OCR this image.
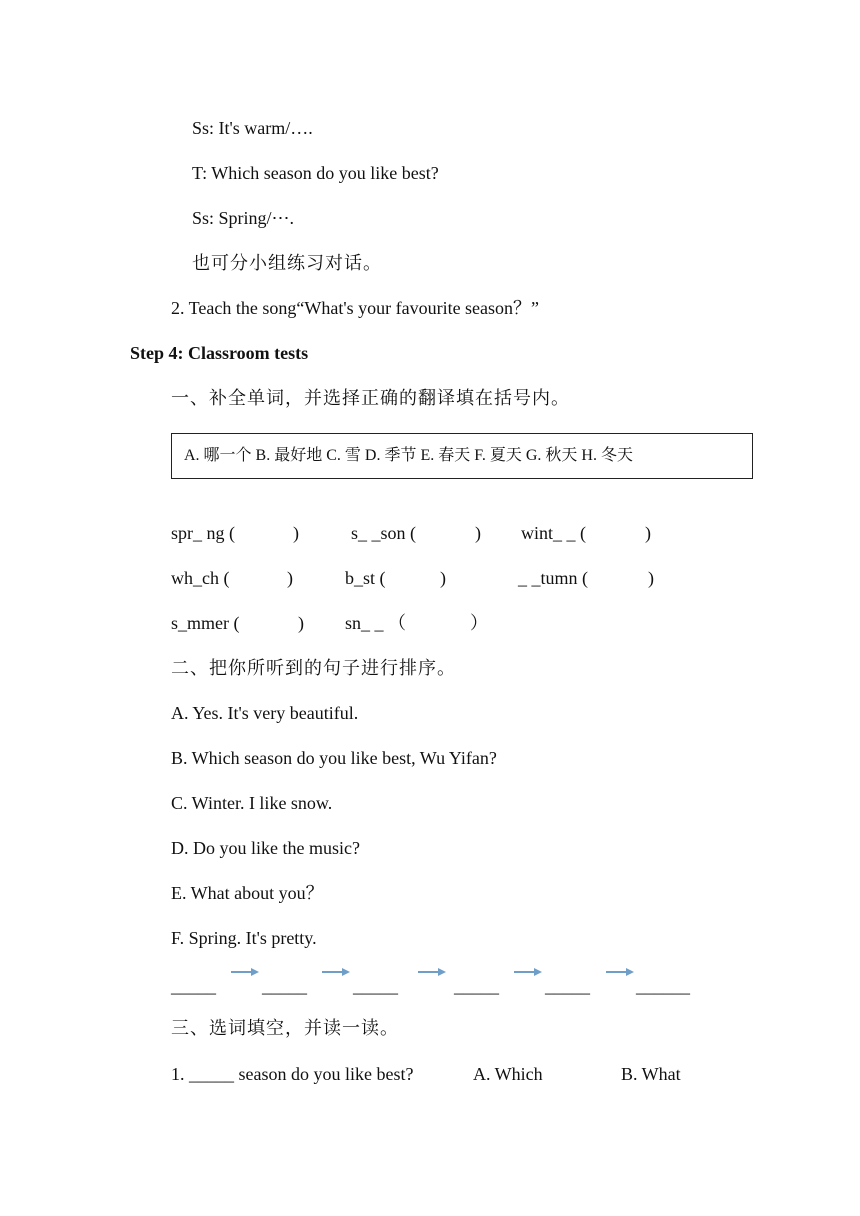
Ss: It's warm/….
T: Which season do you like best?
Ss: Spring/⋯.
也可分小组练习对话。
2. Teach the song“What's your favourite season？”
Step 4: Classroom tests
一、补全单词，并选择正确的翻译填在括号内。
A. 哪一个 B. 最好地 C. 雪 D. 季节 E. 春天 F. 夏天 G. 秋天 H. 冬天
spr_ ng (	)	s_ _son (	) wint_ _ (	)
wh_ch (	)	b_st (	)	_ _tumn (	)
s_mmer (	) sn_ _ （	）
二、把你所听到的句子进行排序。
A. Yes. It's very beautiful.
B. Which season do you like best, Wu Yifan?
C. Winter. I like snow.
D. Do you like the music?
E. What about you？
F. Spring. It's pretty.
_____	_____	_____	_____	_____	______
三、选词填空，并读一读。
1. _____ season do you like best?	A. Which	B. What
